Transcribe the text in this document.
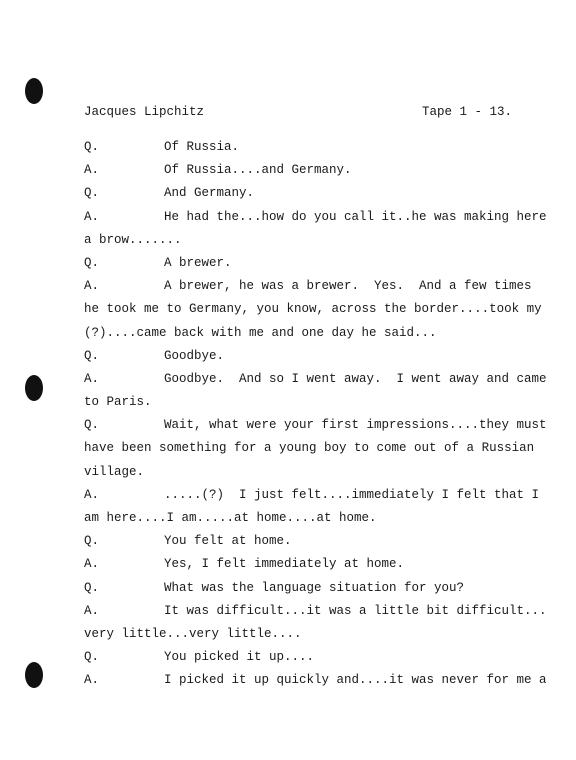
Jacques Lipchitz	Tape 1 - 13.
Q.	Of Russia.
A.	Of Russia....and Germany.
Q.	And Germany.
A.	He had the...how do you call it..he was making here
a brow.......
Q.	A brewer.
A.	A brewer, he was a brewer.  Yes.  And a few times
he took me to Germany, you know, across the border....took my
(?)....came back with me and one day he said...
Q.	Goodbye.
A.	Goodbye.  And so I went away.  I went away and came
to Paris.
Q.	Wait, what were your first impressions....they must
have been something for a young boy to come out of a Russian
village.
A.	.....(?)  I just felt....immediately I felt that I
am here....I am.....at home....at home.
Q.	You felt at home.
A.	Yes, I felt immediately at home.
Q.	What was the language situation for you?
A.	It was difficult...it was a little bit difficult...
very little...very little....
Q.	You picked it up....
A.	I picked it up quickly and....it was never for me a
